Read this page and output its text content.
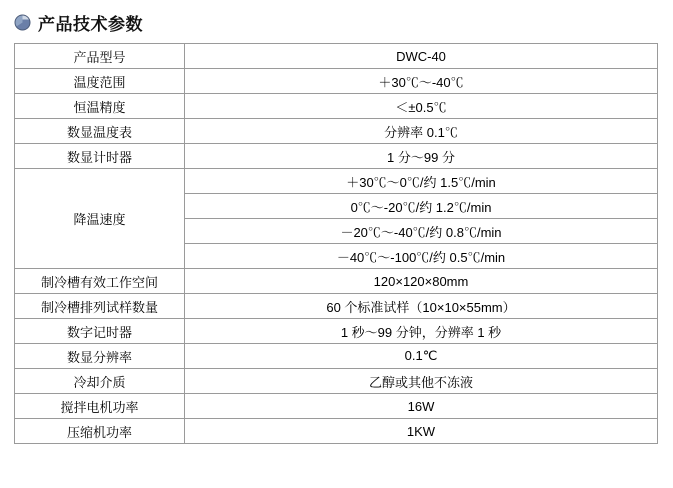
产品技术参数
产品型号	DWC-40
温度范围	＋30℃～-40℃
恒温精度	＜±0.5℃
数显温度表	分辨率 0.1℃
数显计时器	1 分～99 分
降温速度	＋30℃～0℃/约 1.5℃/min
	0℃～-20℃/约 1.2℃/min
	－20℃～-40℃/约 0.8℃/min
	－40℃～-100℃/约 0.5℃/min
制冷槽有效工作空间	120×120×80mm
制冷槽排列试样数量	60 个标准试样（10×10×55mm）
数字记时器	1 秒～99 分钟，分辨率 1 秒
数显分辨率	0.1℃
冷却介质	乙醇或其他不冻液
搅拌电机功率	16W
压缩机功率	1KW
